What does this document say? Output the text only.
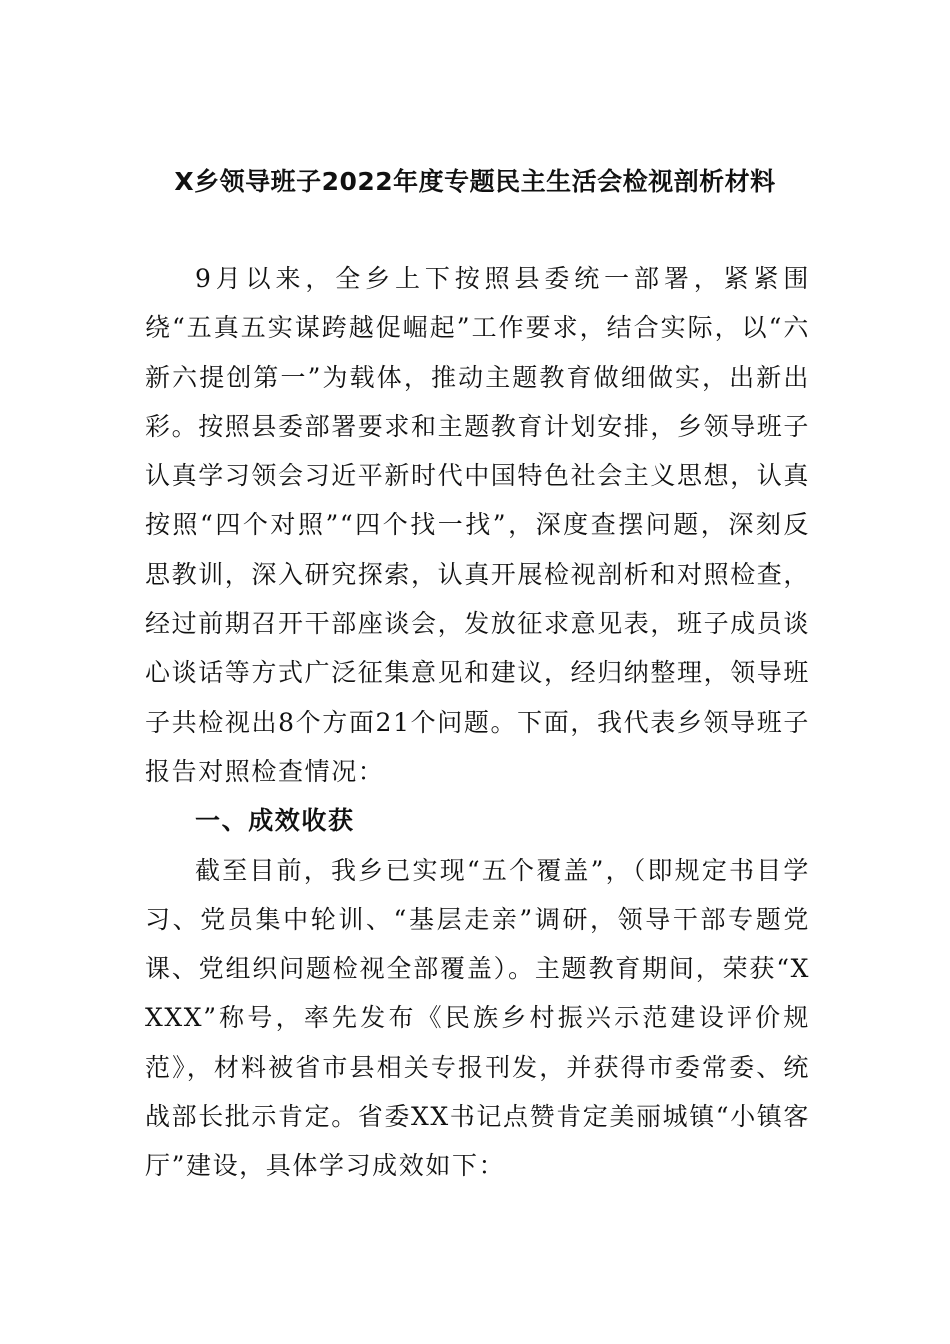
X乡领导班子2022年度专题民主生活会检视剖析材料

9月以来，全乡上下按照县委统一部署，紧紧围绕“五真五实谋跨越促崛起”工作要求，结合实际，以“六新六提创第一”为载体，推动主题教育做细做实，出新出彩。按照县委部署要求和主题教育计划安排，乡领导班子认真学习领会习近平新时代中国特色社会主义思想，认真按照“四个对照”“四个找一找”，深度查摆问题，深刻反思教训，深入研究探索，认真开展检视剖析和对照检查，经过前期召开干部座谈会，发放征求意见表，班子成员谈心谈话等方式广泛征集意见和建议，经归纳整理，领导班子共检视出8个方面21个问题。下面，我代表乡领导班子报告对照检查情况：

一、成效收获

截至目前，我乡已实现“五个覆盖”，（即规定书目学习、党员集中轮训、“基层走亲”调研，领导干部专题党课、党组织问题检视全部覆盖）。主题教育期间，荣获“XXXX”称号，率先发布《民族乡村振兴示范建设评价规范》，材料被省市县相关专报刊发，并获得市委常委、统战部长批示肯定。省委XX书记点赞肯定美丽城镇“小镇客厅”建设，具体学习成效如下：
